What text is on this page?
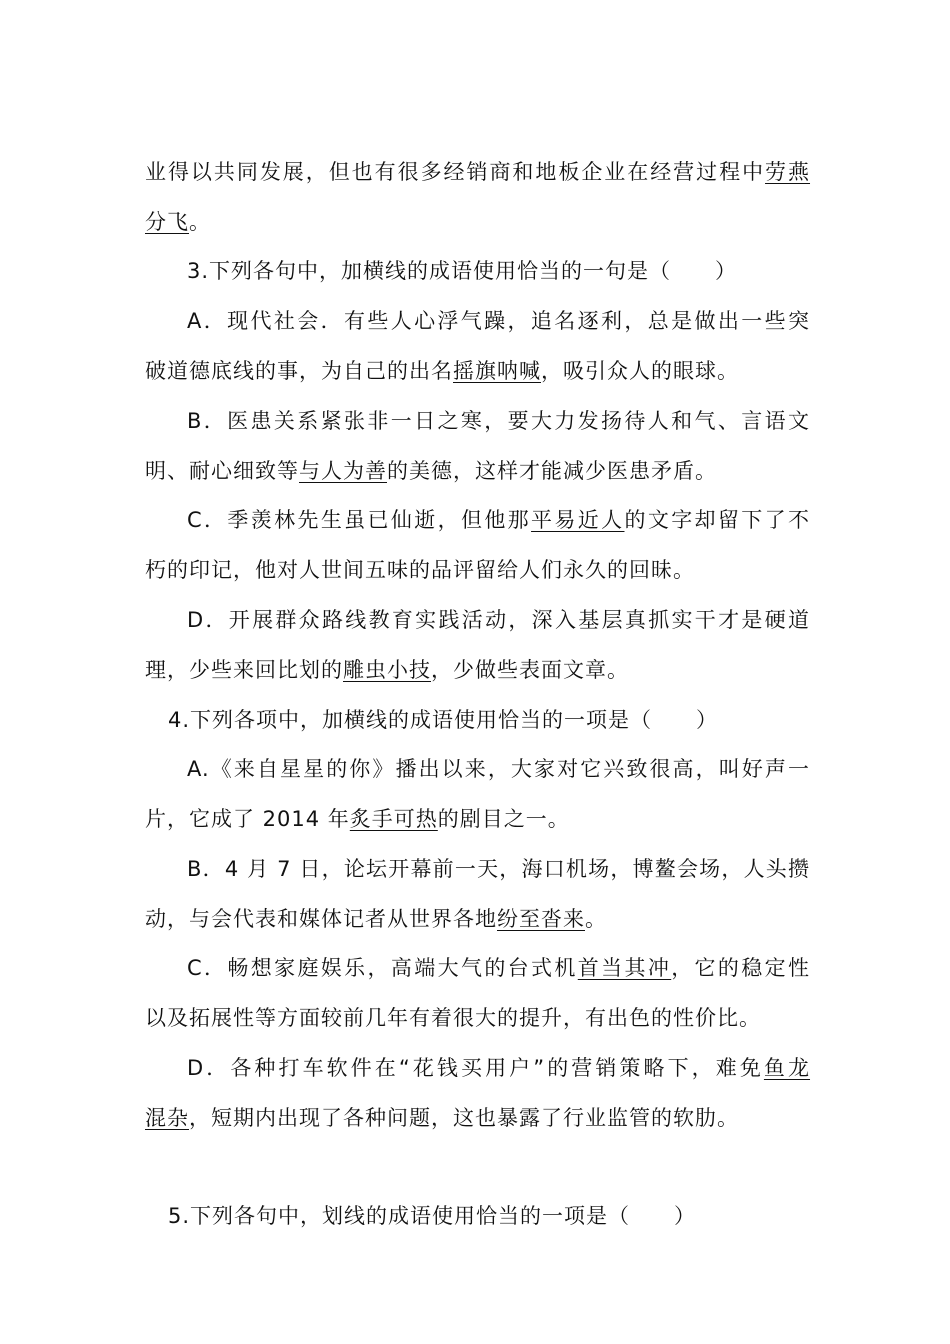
业得以共同发展，但也有很多经销商和地板企业在经营过程中劳燕

分飞。

3.下列各句中，加横线的成语使用恰当的一句是（　　）

A．现代社会．有些人心浮气躁，追名逐利，总是做出一些突

破道德底线的事，为自己的出名摇旗呐喊，吸引众人的眼球。

B．医患关系紧张非一日之寒，要大力发扬待人和气、言语文

明、耐心细致等与人为善的美德，这样才能减少医患矛盾。

C．季羡林先生虽已仙逝，但他那平易近人的文字却留下了不

朽的印记，他对人世间五味的品评留给人们永久的回昧。

D．开展群众路线教育实践活动，深入基层真抓实干才是硬道

理，少些来回比划的雕虫小技，少做些表面文章。

4.下列各项中，加横线的成语使用恰当的一项是（　　）

A.《来自星星的你》播出以来，大家对它兴致很高，叫好声一

片，它成了 2014 年炙手可热的剧目之一。

B．4 月 7 日，论坛开幕前一天，海口机场，博鳌会场，人头攒

动，与会代表和媒体记者从世界各地纷至沓来。

C．畅想家庭娱乐，高端大气的台式机首当其冲，它的稳定性

以及拓展性等方面较前几年有着很大的提升，有出色的性价比。

D．各种打车软件在“花钱买用户”的营销策略下，难免鱼龙

混杂，短期内出现了各种问题，这也暴露了行业监管的软肋。

5.下列各句中，划线的成语使用恰当的一项是（　　）
